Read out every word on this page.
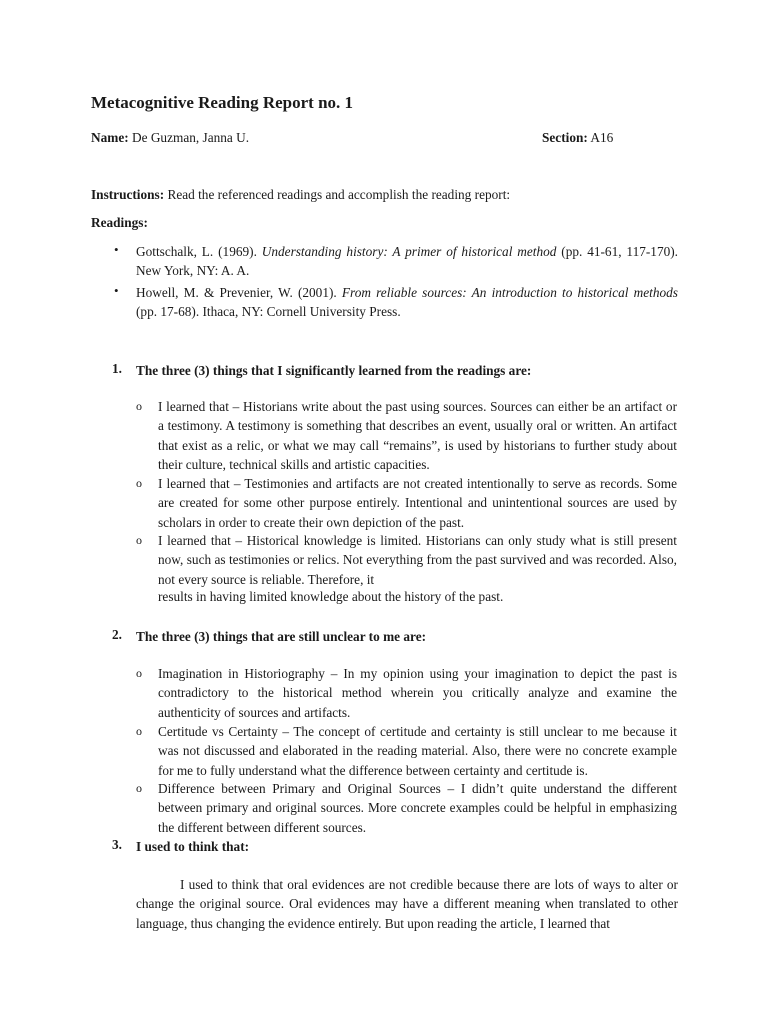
Metacognitive Reading Report no. 1
Name: De Guzman, Janna U.	Section: A16
Instructions: Read the referenced readings and accomplish the reading report:
Readings:
• Gottschalk, L. (1969). Understanding history: A primer of historical method (pp. 41-61, 117-170). New York, NY: A. A.
• Howell, M. & Prevenier, W. (2001). From reliable sources: An introduction to historical methods (pp. 17-68). Ithaca, NY: Cornell University Press.
1. The three (3) things that I significantly learned from the readings are:
o I learned that – Historians write about the past using sources. Sources can either be an artifact or a testimony. A testimony is something that describes an event, usually oral or written. An artifact that exist as a relic, or what we may call “remains”, is used by historians to further study about their culture, technical skills and artistic capacities.
o I learned that – Testimonies and artifacts are not created intentionally to serve as records. Some are created for some other purpose entirely. Intentional and unintentional sources are used by scholars in order to create their own depiction of the past.
o I learned that – Historical knowledge is limited. Historians can only study what is still present now, such as testimonies or relics. Not everything from the past survived and was recorded. Also, not every source is reliable. Therefore, it
results in having limited knowledge about the history of the past.
2. The three (3) things that are still unclear to me are:
o Imagination in Historiography – In my opinion using your imagination to depict the past is contradictory to the historical method wherein you critically analyze and examine the authenticity of sources and artifacts.
o Certitude vs Certainty – The concept of certitude and certainty is still unclear to me because it was not discussed and elaborated in the reading material. Also, there were no concrete example for me to fully understand what the difference between certainty and certitude is.
o Difference between Primary and Original Sources – I didn’t quite understand the different between primary and original sources. More concrete examples could be helpful in emphasizing the different between different sources.
3. I used to think that:
I used to think that oral evidences are not credible because there are lots of ways to alter or change the original source. Oral evidences may have a different meaning when translated to other language, thus changing the evidence entirely. But upon reading the article, I learned that
